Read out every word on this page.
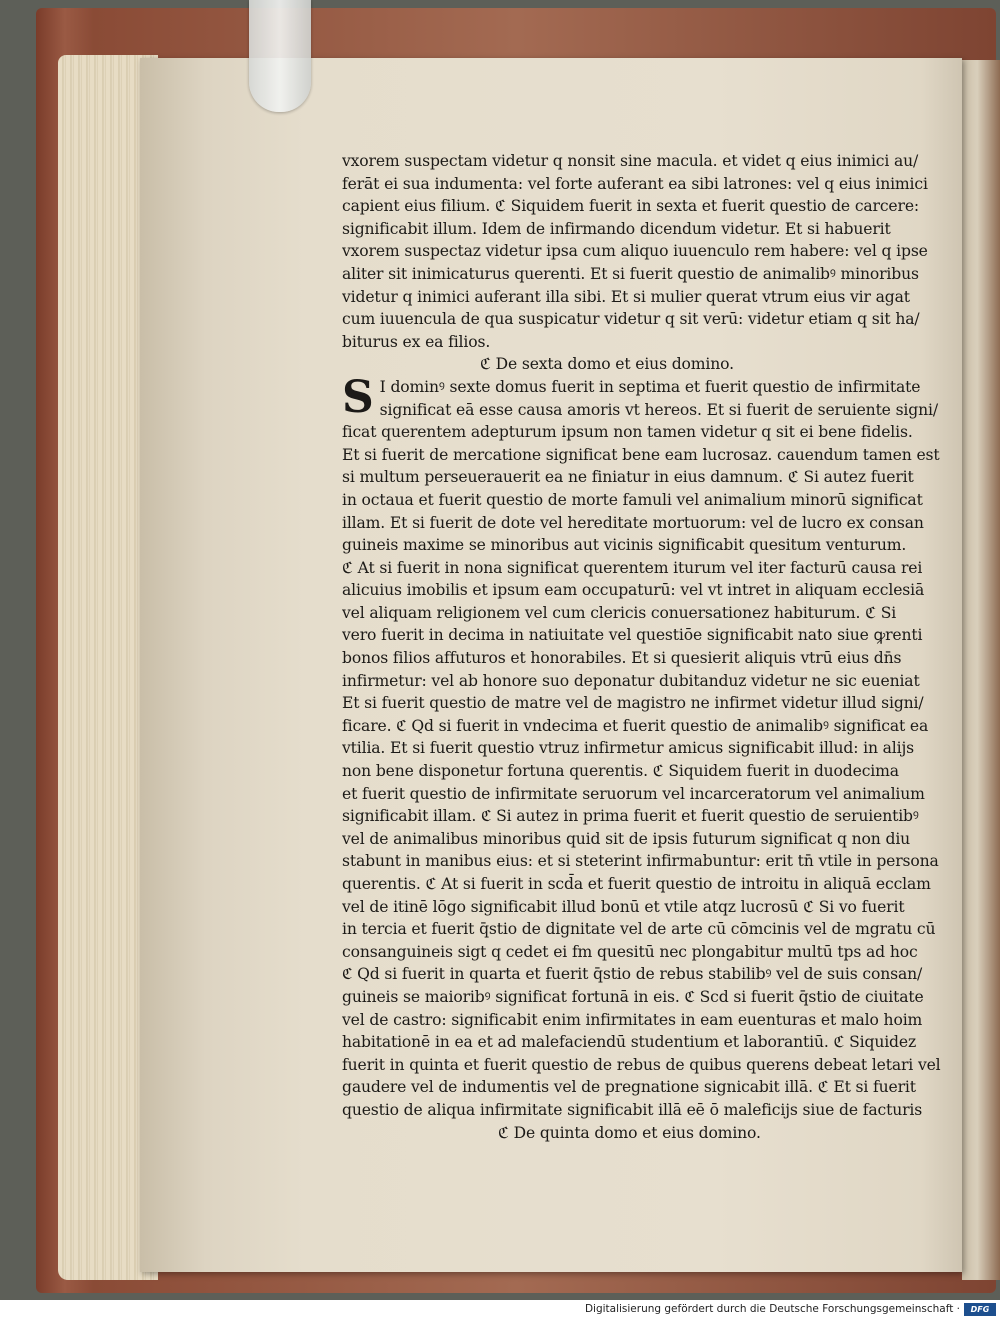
vxorem suspectam videtur q nonsit sine macula. et videt q eius inimici au/
ferāt ei sua indumenta: vel forte auferant ea sibi latrones: vel q eius inimici
capient eius filium. ℭ Siquidem fuerit in sexta et fuerit questio de carcere:
significabit illum. Idem de infirmando dicendum videtur. Et si habuerit
vxorem suspectaz videtur ipsa cum aliquo iuuenculo rem habere: vel q ipse
aliter sit inimicaturus querenti. Et si fuerit questio de animalibꝰ minoribus
videtur q inimici auferant illa sibi. Et si mulier querat vtrum eius vir agat
cum iuuencula de qua suspicatur videtur q sit verū: videtur etiam q sit ha/
biturus ex ea filios.
ℭ De sexta domo et eius domino.
S I dominꝰ sexte domus fuerit in septima et fuerit questio de infirmitate
significat eā esse causa amoris vt hereos. Et si fuerit de seruiente signi/
ficat querentem adepturum ipsum non tamen videtur q sit ei bene fidelis.
Et si fuerit de mercatione significat bene eam lucrosaz. cauendum tamen est
si multum perseuerauerit ea ne finiatur in eius damnum. ℭ Si autez fuerit
in octaua et fuerit questio de morte famuli vel animalium minorū significat
illam. Et si fuerit de dote vel hereditate mortuorum: vel de lucro ex consan
guineis maxime se minoribus aut vicinis significabit quesitum venturum.
ℭ At si fuerit in nona significat querentem iturum vel iter facturū causa rei
alicuius imobilis et ipsum eam occupaturū: vel vt intret in aliquam ecclesiā
vel aliquam religionem vel cum clericis conuersationez habiturum. ℭ Si
vero fuerit in decima in natiuitate vel questiōe significabit nato siue ꝙrenti
bonos filios affuturos et honorabiles. Et si quesierit aliquis vtrū eius dn̄s
infirmetur: vel ab honore suo deponatur dubitanduz videtur ne sic eueniat
Et si fuerit questio de matre vel de magistro ne infirmet videtur illud signi/
ficare. ℭ Qd si fuerit in vndecima et fuerit questio de animalibꝰ significat ea
vtilia. Et si fuerit questio vtruz infirmetur amicus significabit illud: in alijs
non bene disponetur fortuna querentis. ℭ Siquidem fuerit in duodecima
et fuerit questio de infirmitate seruorum vel incarceratorum vel animalium
significabit illam. ℭ Si autez in prima fuerit et fuerit questio de seruientibꝰ
vel de animalibus minoribus quid sit de ipsis futurum significat q non diu
stabunt in manibus eius: et si steterint infirmabuntur: erit tn̄ vtile in persona
querentis. ℭ At si fuerit in scd̄a et fuerit questio de introitu in aliquā ecclam
vel de itinē lōgo significabit illud bonū et vtile atqz lucrosū ℭ Si vo fuerit
in tercia et fuerit q̄stio de dignitate vel de arte cū cōmcinis vel de mgratu cū
consanguineis sigt q cedet ei fm quesitū nec plongabitur multū tps ad hoc
ℭ Qd si fuerit in quarta et fuerit q̄stio de rebus stabilibꝰ vel de suis consan/
guineis se maioribꝰ significat fortunā in eis. ℭ Scd si fuerit q̄stio de ciuitate
vel de castro: significabit enim infirmitates in eam euenturas et malo hoim
habitationē in ea et ad malefaciendū studentium et laborantiū. ℭ Siquidez
fuerit in quinta et fuerit questio de rebus de quibus querens debeat letari vel
gaudere vel de indumentis vel de pregnatione signicabit illā. ℭ Et si fuerit
questio de aliqua infirmitate significabit illā eē ō maleficijs siue de facturis
ℭ De quinta domo et eius domino.
Digitalisierung gefördert durch die Deutsche Forschungsgemeinschaft ·	DFG
